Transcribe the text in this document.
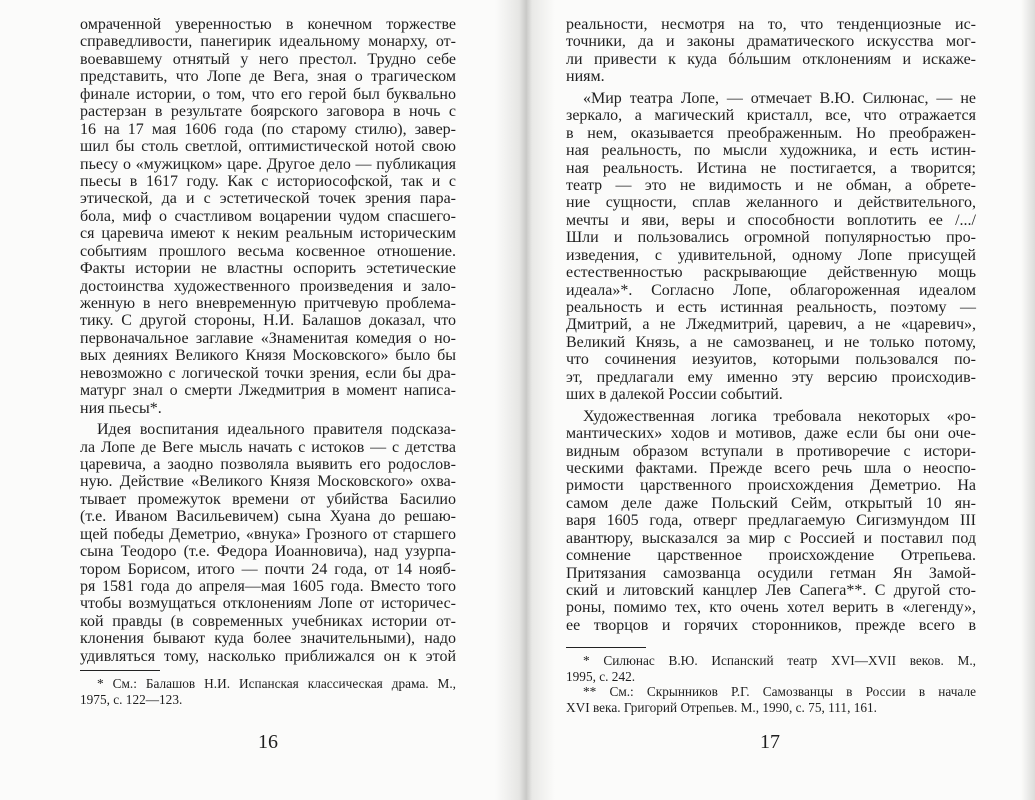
омраченной уверенностью в конечном торжестве
справедливости, панегирик идеальному монарху, от-
воевавшему отнятый у него престол. Трудно себе
представить, что Лопе де Вега, зная о трагическом
финале истории, о том, что его герой был буквально
растерзан в результате боярского заговора в ночь с
16 на 17 мая 1606 года (по старому стилю), завер-
шил бы столь светлой, оптимистической нотой свою
пьесу о «мужицком» царе. Другое дело — публикация
пьесы в 1617 году. Как с историософской, так и с
этической, да и с эстетической точек зрения пара-
бола, миф о счастливом воцарении чудом спасшего-
ся царевича имеют к неким реальным историческим
событиям прошлого весьма косвенное отношение.
Факты истории не властны оспорить эстетические
достоинства художественного произведения и зало-
женную в него вневременную притчевую проблема-
тику. С другой стороны, Н.И. Балашов доказал, что
первоначальное заглавие «Знаменитая комедия о но-
вых деяниях Великого Князя Московского» было бы
невозможно с логической точки зрения, если бы дра-
матург знал о смерти Лжедмитрия в момент написа-
ния пьесы*.
Идея воспитания идеального правителя подсказа-
ла Лопе де Веге мысль начать с истоков — с детства
царевича, а заодно позволяла выявить его родослов-
ную. Действие «Великого Князя Московского» охва-
тывает промежуток времени от убийства Басилио
(т.е. Иваном Васильевичем) сына Хуана до решаю-
щей победы Деметрио, «внука» Грозного от старшего
сына Теодоро (т.е. Федора Иоанновича), над узурпа-
тором Борисом, итого — почти 24 года, от 14 нояб-
ря 1581 года до апреля—мая 1605 года. Вместо того
чтобы возмущаться отклонениям Лопе от историчес-
кой правды (в современных учебниках истории от-
клонения бывают куда более значительными), надо
удивляться тому, насколько приближался он к этой
* См.: Балашов Н.И. Испанская классическая драма. М.,
1975, с. 122—123.
16
реальности, несмотря на то, что тенденциозные ис-
точники, да и законы драматического искусства мог-
ли привести к куда бóльшим отклонениям и искаже-
ниям.
«Мир театра Лопе, — отмечает В.Ю. Силюнас, — не
зеркало, а магический кристалл, все, что отражается
в нем, оказывается преображенным. Но преображен-
ная реальность, по мысли художника, и есть истин-
ная реальность. Истина не постигается, а творится;
театр — это не видимость и не обман, а обрете-
ние сущности, сплав желанного и действительного,
мечты и яви, веры и способности воплотить ее /.../
Шли и пользовались огромной популярностью про-
изведения, с удивительной, одному Лопе присущей
естественностью раскрывающие действенную мощь
идеала»*. Согласно Лопе, облагороженная идеалом
реальность и есть истинная реальность, поэтому —
Дмитрий, а не Лжедмитрий, царевич, а не «царевич»,
Великий Князь, а не самозванец, и не только потому,
что сочинения иезуитов, которыми пользовался по-
эт, предлагали ему именно эту версию происходив-
ших в далекой России событий.
Художественная логика требовала некоторых «ро-
мантических» ходов и мотивов, даже если бы они оче-
видным образом вступали в противоречие с истори-
ческими фактами. Прежде всего речь шла о неоспо-
римости царственного происхождения Деметрио. На
самом деле даже Польский Сейм, открытый 10 ян-
варя 1605 года, отверг предлагаемую Сигизмундом III
авантюру, высказался за мир с Россией и поставил под
сомнение царственное происхождение Отрепьева.
Притязания самозванца осудили гетман Ян Замой-
ский и литовский канцлер Лев Сапега**. С другой сто-
роны, помимо тех, кто очень хотел верить в «легенду»,
ее творцов и горячих сторонников, прежде всего в
* Силюнас В.Ю. Испанский театр XVI—XVII веков. М.,
1995, с. 242.
** См.: Скрынников Р.Г. Самозванцы в России в начале
XVI века. Григорий Отрепьев. М., 1990, с. 75, 111, 161.
17
